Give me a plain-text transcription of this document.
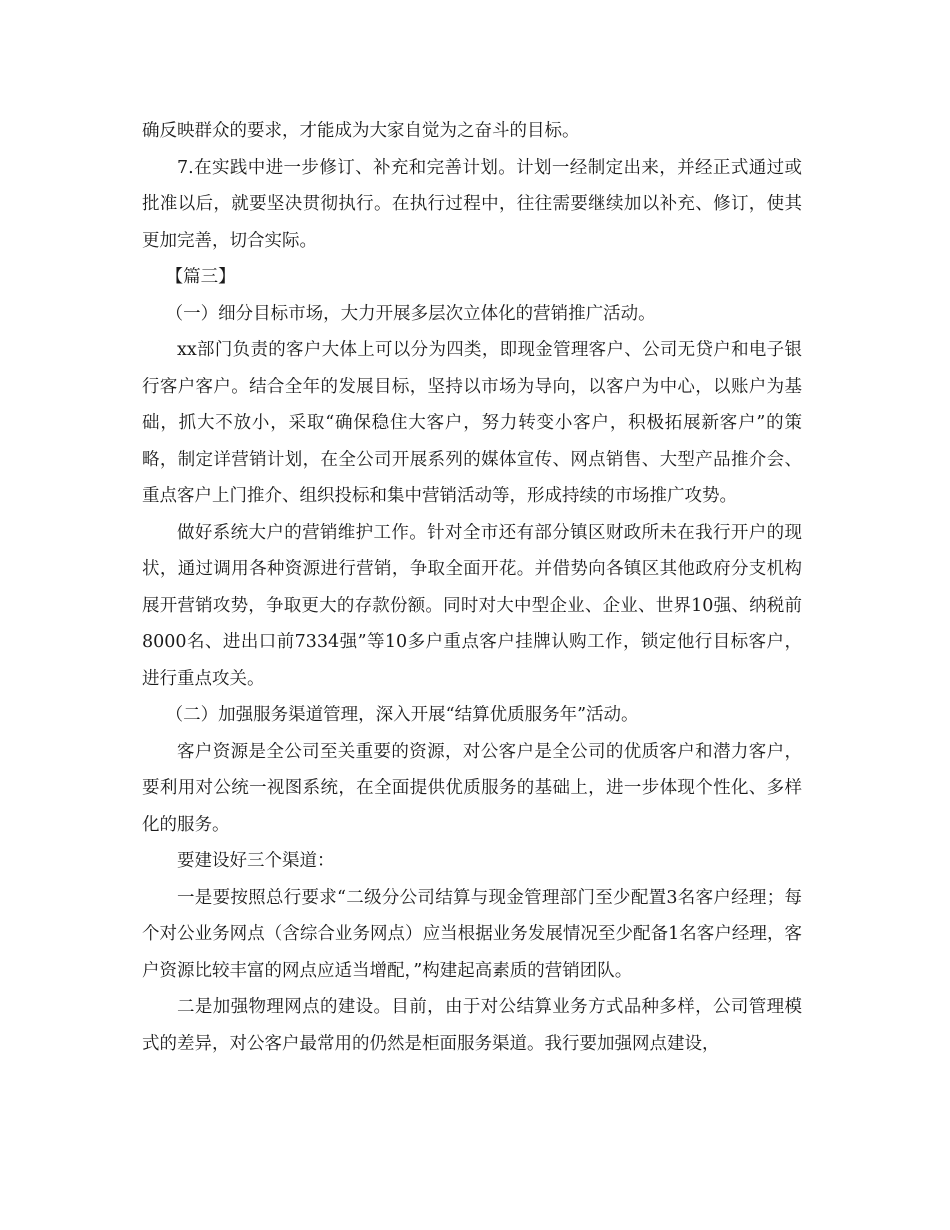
确反映群众的要求，才能成为大家自觉为之奋斗的目标。

7.在实践中进一步修订、补充和完善计划。计划一经制定出来，并经正式通过或批准以后，就要坚决贯彻执行。在执行过程中，往往需要继续加以补充、修订，使其更加完善，切合实际。

【篇三】

（一）细分目标市场，大力开展多层次立体化的营销推广活动。

xx部门负责的客户大体上可以分为四类，即现金管理客户、公司无贷户和电子银行客户客户。结合全年的发展目标，坚持以市场为导向，以客户为中心，以账户为基础，抓大不放小，采取“确保稳住大客户，努力转变小客户，积极拓展新客户”的策略，制定详营销计划，在全公司开展系列的媒体宣传、网点销售、大型产品推介会、重点客户上门推介、组织投标和集中营销活动等，形成持续的市场推广攻势。

做好系统大户的营销维护工作。针对全市还有部分镇区财政所未在我行开户的现状，通过调用各种资源进行营销，争取全面开花。并借势向各镇区其他政府分支机构展开营销攻势，争取更大的存款份额。同时对大中型企业、企业、世界10强、纳税前8000名、进出口前7334强”等10多户重点客户挂牌认购工作，锁定他行目标客户，进行重点攻关。

（二）加强服务渠道管理，深入开展“结算优质服务年”活动。

客户资源是全公司至关重要的资源，对公客户是全公司的优质客户和潜力客户，要利用对公统一视图系统，在全面提供优质服务的基础上，进一步体现个性化、多样化的服务。

要建设好三个渠道：

一是要按照总行要求“二级分公司结算与现金管理部门至少配置3名客户经理；每个对公业务网点（含综合业务网点）应当根据业务发展情况至少配备1名客户经理，客户资源比较丰富的网点应适当增配，”构建起高素质的营销团队。

二是加强物理网点的建设。目前，由于对公结算业务方式品种多样，公司管理模式的差异，对公客户最常用的仍然是柜面服务渠道。我行要加强网点建设，
